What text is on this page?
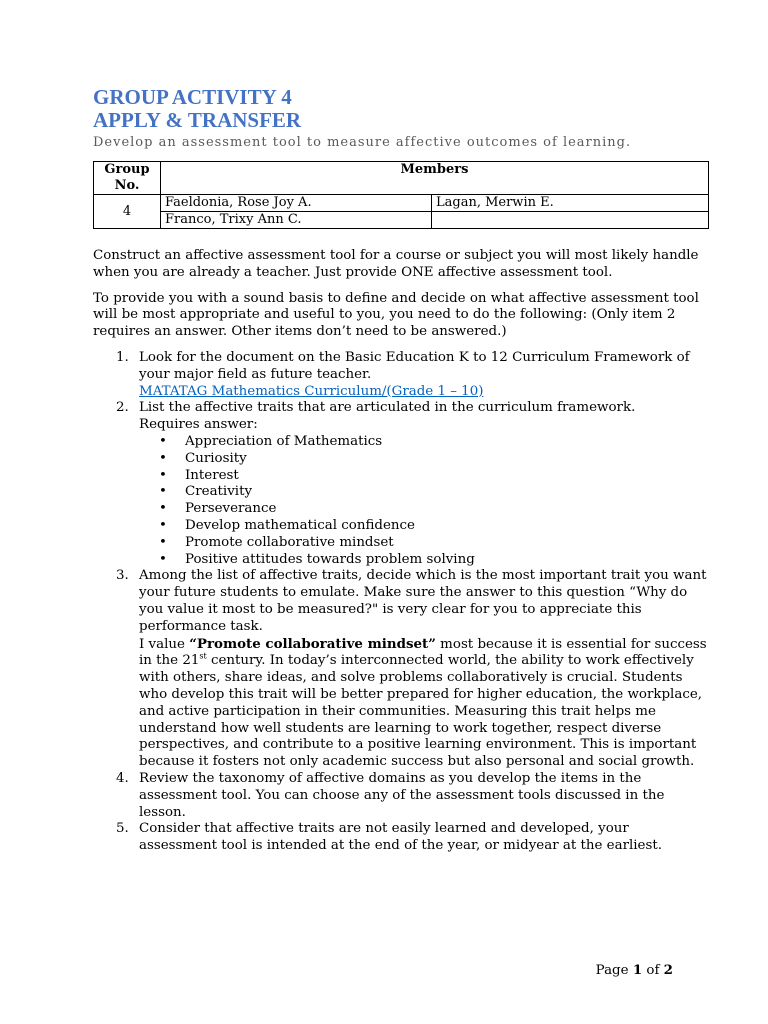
GROUP ACTIVITY 4
APPLY & TRANSFER
Develop an assessment tool to measure affective outcomes of learning.
Group No.	Members	
4	Faeldonia, Rose Joy A.	Lagan, Merwin E.
	Franco, Trixy Ann C.	

Construct an affective assessment tool for a course or subject you will most likely handle when you are already a teacher. Just provide ONE affective assessment tool.

To provide you with a sound basis to define and decide on what affective assessment tool will be most appropriate and useful to you, you need to do the following: (Only item 2 requires an answer. Other items don’t need to be answered.)

1. Look for the document on the Basic Education K to 12 Curriculum Framework of your major field as future teacher.
MATATAG Mathematics Curriculum/(Grade 1 – 10)
2. List the affective traits that are articulated in the curriculum framework.
Requires answer:
• Appreciation of Mathematics
• Curiosity
• Interest
• Creativity
• Perseverance
• Develop mathematical confidence
• Promote collaborative mindset
• Positive attitudes towards problem solving
3. Among the list of affective traits, decide which is the most important trait you want your future students to emulate. Make sure the answer to this question “Why do you value it most to be measured?" is very clear for you to appreciate this performance task.
I value “Promote collaborative mindset” most because it is essential for success in the 21st century. In today’s interconnected world, the ability to work effectively with others, share ideas, and solve problems collaboratively is crucial. Students who develop this trait will be better prepared for higher education, the workplace, and active participation in their communities. Measuring this trait helps me understand how well students are learning to work together, respect diverse perspectives, and contribute to a positive learning environment. This is important because it fosters not only academic success but also personal and social growth.
4. Review the taxonomy of affective domains as you develop the items in the assessment tool. You can choose any of the assessment tools discussed in the lesson.
5. Consider that affective traits are not easily learned and developed, your assessment tool is intended at the end of the year, or midyear at the earliest.
Page 1 of 2
